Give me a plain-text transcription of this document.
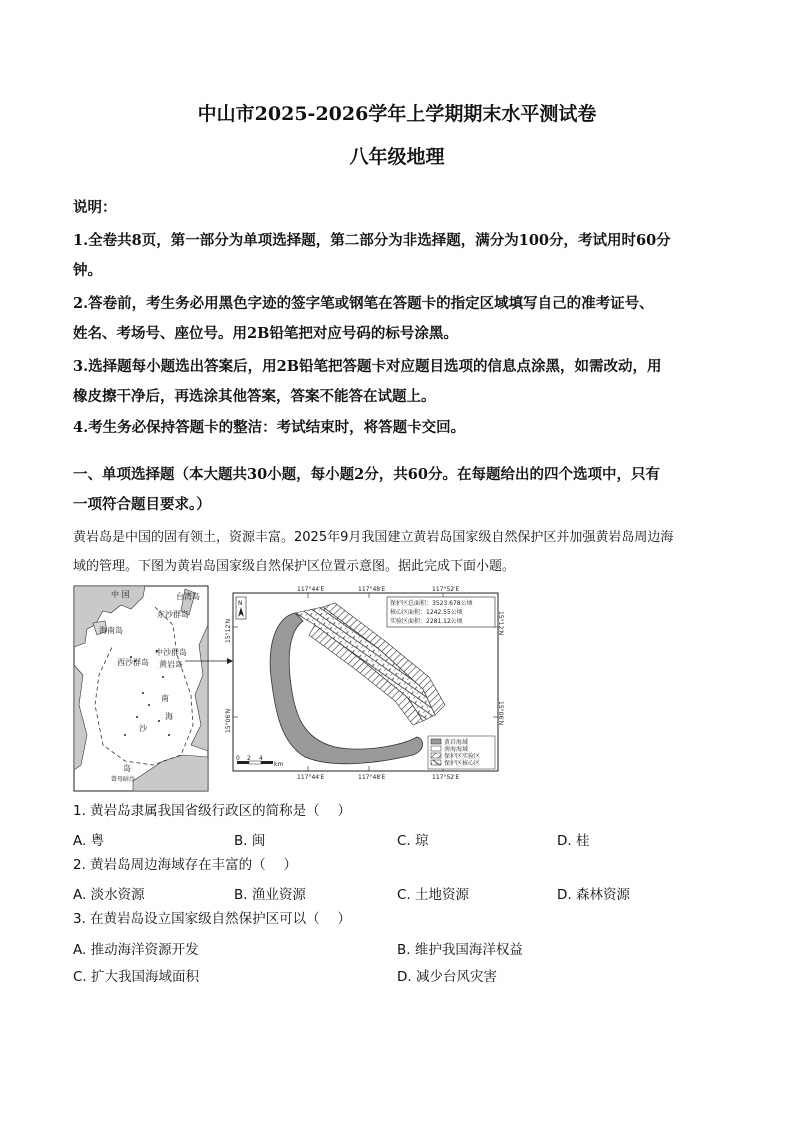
中山市2025-2026学年上学期期末水平测试卷
八年级地理
说明：
1.全卷共8页，第一部分为单项选择题，第二部分为非选择题，满分为100分，考试用时60分
钟。
2.答卷前，考生务必用黑色字迹的签字笔或钢笔在答题卡的指定区域填写自己的准考证号、
姓名、考场号、座位号。用2B铅笔把对应号码的标号涂黑。
3.选择题每小题选出答案后，用2B铅笔把答题卡对应题目选项的信息点涂黑，如需改动，用
橡皮擦干净后，再选涂其他答案，答案不能答在试题上。
4.考生务必保持答题卡的整洁：考试结束时，将答题卡交回。
一、单项选择题（本大题共30小题，每小题2分，共60分。在每题给出的四个选项中，只有
一项符合题目要求。）
黄岩岛是中国的固有领土，资源丰富。2025年9月我国建立黄岩岛国家级自然保护区并加强黄岩岛周边海
域的管理。下图为黄岩岛国家级自然保护区位置示意图。据此完成下面小题。
中 国	台湾岛
东沙群岛
海南岛
西沙群岛
中沙群岛
黄岩岛
南
海
沙
岛
曾母暗沙
117°44′E	117°48′E	117°52′E
117°44′E	117°48′E	117°52′E
15°12′N
15°06′N
15°12′N
15°06′N
N	保护区总面积：3523.678公顷
核心区面积：1242.55公顷
实验区面积：2281.12公顷
黄岩海域
南海海域
保护区实验区
保护区核心区
0 2 4
km
1. 黄岩岛隶属我国省级行政区的简称是（　 ）
A. 粤	B. 闽	C. 琼	D. 桂
2. 黄岩岛周边海域存在丰富的（　 ）
A. 淡水资源	B. 渔业资源	C. 土地资源	D. 森林资源
3. 在黄岩岛设立国家级自然保护区可以（　 ）
A. 推动海洋资源开发	B. 维护我国海洋权益
C. 扩大我国海域面积	D. 减少台风灾害
